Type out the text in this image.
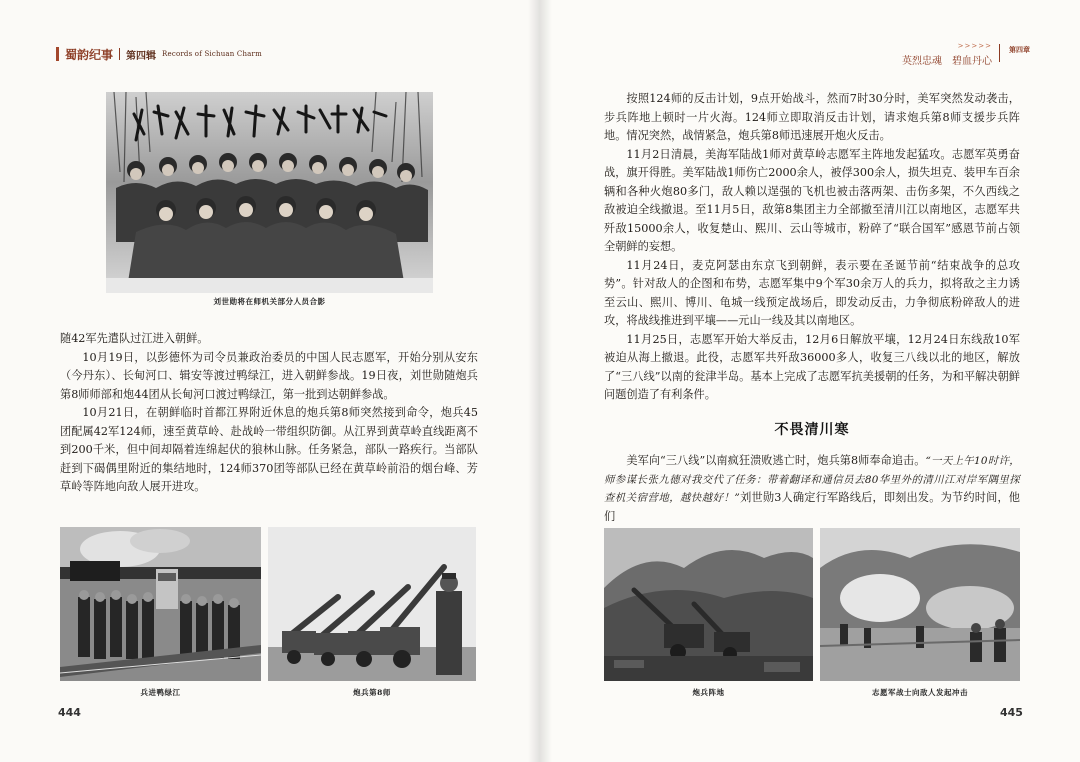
蜀韵纪事 第四辑 Records of Sichuan Charm
刘世勋将在师机关部分人员合影

随42军先遣队过江进入朝鲜。

10月19日，以彭德怀为司令员兼政治委员的中国人民志愿军，开始分别从安东（今丹东）、长甸河口、辑安等渡过鸭绿江，进入朝鲜参战。19日夜，刘世勋随炮兵第8师师部和炮44团从长甸河口渡过鸭绿江，第一批到达朝鲜参战。

10月21日，在朝鲜临时首都江界附近休息的炮兵第8师突然接到命令，炮兵45团配属42军124师，速至黄草岭、赴战岭一带组织防御。从江界到黄草岭直线距离不到200千米，但中间却隔着连绵起伏的狼林山脉。任务紧急，部队一路疾行。当部队赶到下碣偶里附近的集结地时，124师370团等部队已经在黄草岭前沿的烟台峰、芳草岭等阵地向敌人展开进攻。

兵进鸭绿江	炮兵第8师
444
>>>>>
英烈忠魂　碧血丹心
第四章

按照124师的反击计划，9点开始战斗，然而7时30分时，美军突然发动袭击，步兵阵地上顿时一片火海。124师立即取消反击计划，请求炮兵第8师支援步兵阵地。情况突然，战情紧急，炮兵第8师迅速展开炮火反击。

11月2日清晨，美海军陆战1师对黄草岭志愿军主阵地发起猛攻。志愿军英勇奋战，旗开得胜。美军陆战1师伤亡2000余人，被俘300余人，损失坦克、装甲车百余辆和各种火炮80多门，敌人赖以逞强的飞机也被击落两架、击伤多架，不久西线之敌被迫全线撤退。至11月5日，敌第8集团主力全部撤至清川江以南地区，志愿军共歼敌15000余人，收复楚山、熙川、云山等城市，粉碎了“联合国军”感恩节前占领全朝鲜的妄想。

11月24日，麦克阿瑟由东京飞到朝鲜，表示要在圣诞节前“结束战争的总攻势”。针对敌人的企图和布势，志愿军集中9个军30余万人的兵力，拟将敌之主力诱至云山、熙川、博川、龟城一线预定战场后，即发动反击，力争彻底粉碎敌人的进攻，将战线推进到平壤——元山一线及其以南地区。

11月25日，志愿军开始大举反击，12月6日解放平壤，12月24日东线敌10军被迫从海上撤退。此役，志愿军共歼敌36000多人，收复三八线以北的地区，解放了“三八线”以南的瓮津半岛。基本上完成了志愿军抗美援朝的任务，为和平解决朝鲜问题创造了有利条件。

不畏清川寒

美军向“三八线”以南疯狂溃败逃亡时，炮兵第8师奉命追击。“一天上午10时许，师参谋长张九德对我交代了任务：带着翻译和通信员去80华里外的清川江对岸军隅里探查机关宿营地，越快越好！”刘世勋3人确定行军路线后，即刻出发。为节约时间，他们

炮兵阵地	志愿军战士向敌人发起冲击
445
